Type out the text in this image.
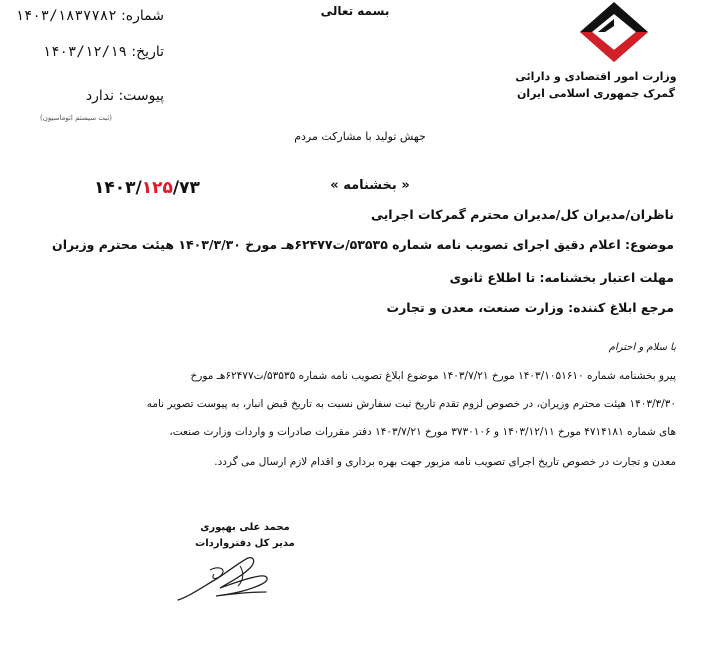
بسمه تعالی
وزارت امور اقتصادی و دارائی
گمرک جمهوری اسلامی ایران
شماره: ۱۴۰۳/۱۸۳۷۷۸۲
تاریخ: ۱۴۰۳/۱۲/۱۹
پیوست: ندارد
(ثبت سیستم اتوماسیون)
جهش تولید با مشارکت مردم
۱۴۰۳/۱۲۵/۷۳	« بخشنامه »
ناظران/مدیران کل/مدیران محترم گمرکات اجرایی
موضوع: اعلام دقیق اجرای تصویب نامه شماره ۵۳۵۳۵/ت۶۲۴۷۷هـ مورخ ۱۴۰۳/۳/۳۰ هیئت محترم وزیران
مهلت اعتبار بخشنامه: تا اطلاع ثانوی
مرجع ابلاغ کننده: وزارت صنعت، معدن و تجارت
با سلام و احترام
پیرو بخشنامه شماره ۱۴۰۳/۱۰۵۱۶۱۰ مورخ ۱۴۰۳/۷/۲۱ موضوع ابلاغ تصویب نامه شماره ۵۳۵۳۵/ت۶۲۴۷۷هـ مورخ
۱۴۰۳/۳/۳۰ هیئت محترم وزیران، در خصوص لزوم تقدم تاریخ ثبت سفارش نسبت به تاریخ قبض انبار، به پیوست تصویر نامه
های شماره ۴۷۱۴۱۸۱ مورخ ۱۴۰۳/۱۲/۱۱ و ۳۷۳۰۱۰۶ مورخ ۱۴۰۳/۷/۲۱ دفتر مقررات صادرات و واردات وزارت صنعت،
معدن و تجارت در خصوص تاریخ اجرای تصویب نامه مزبور جهت بهره برداری و اقدام لازم ارسال می گردد.
محمد علی بهپوری
مدیر کل دفترواردات
